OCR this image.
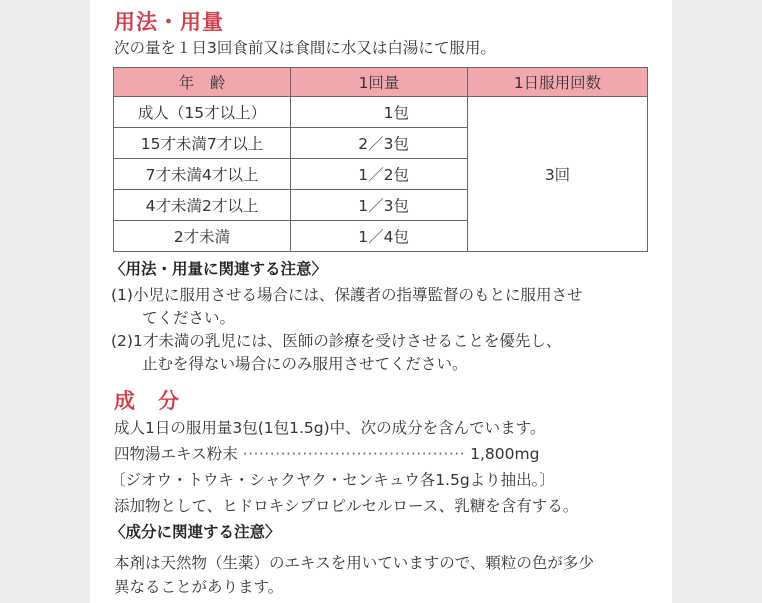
用法・用量

次の量を１日3回食前又は食間に水又は白湯にて服用。

年　齢	1回量	1日服用回数
成人（15才以上）	1包	3回
15才未満7才以上	2／3包	
7才未満4才以上	1／2包	
4才未満2才以上	1／3包	
2才未満	1／4包	

〈用法・用量に関連する注意〉

(1)小児に服用させる場合には、保護者の指導監督のもとに服用させ

てください。

(2)1才未満の乳児には、医師の診療を受けさせることを優先し、

止むを得ない場合にのみ服用させてください。

成　分

成人1日の服用量3包(1包1.5g)中、次の成分を含んでいます。

四物湯エキス粉末 ········································· 1,800mg

〔ジオウ・トウキ・シャクヤク・センキュウ各1.5gより抽出。〕

添加物として、ヒドロキシプロピルセルロース、乳糖を含有する。

〈成分に関連する注意〉

本剤は天然物（生薬）のエキスを用いていますので、顆粒の色が多少

異なることがあります。
